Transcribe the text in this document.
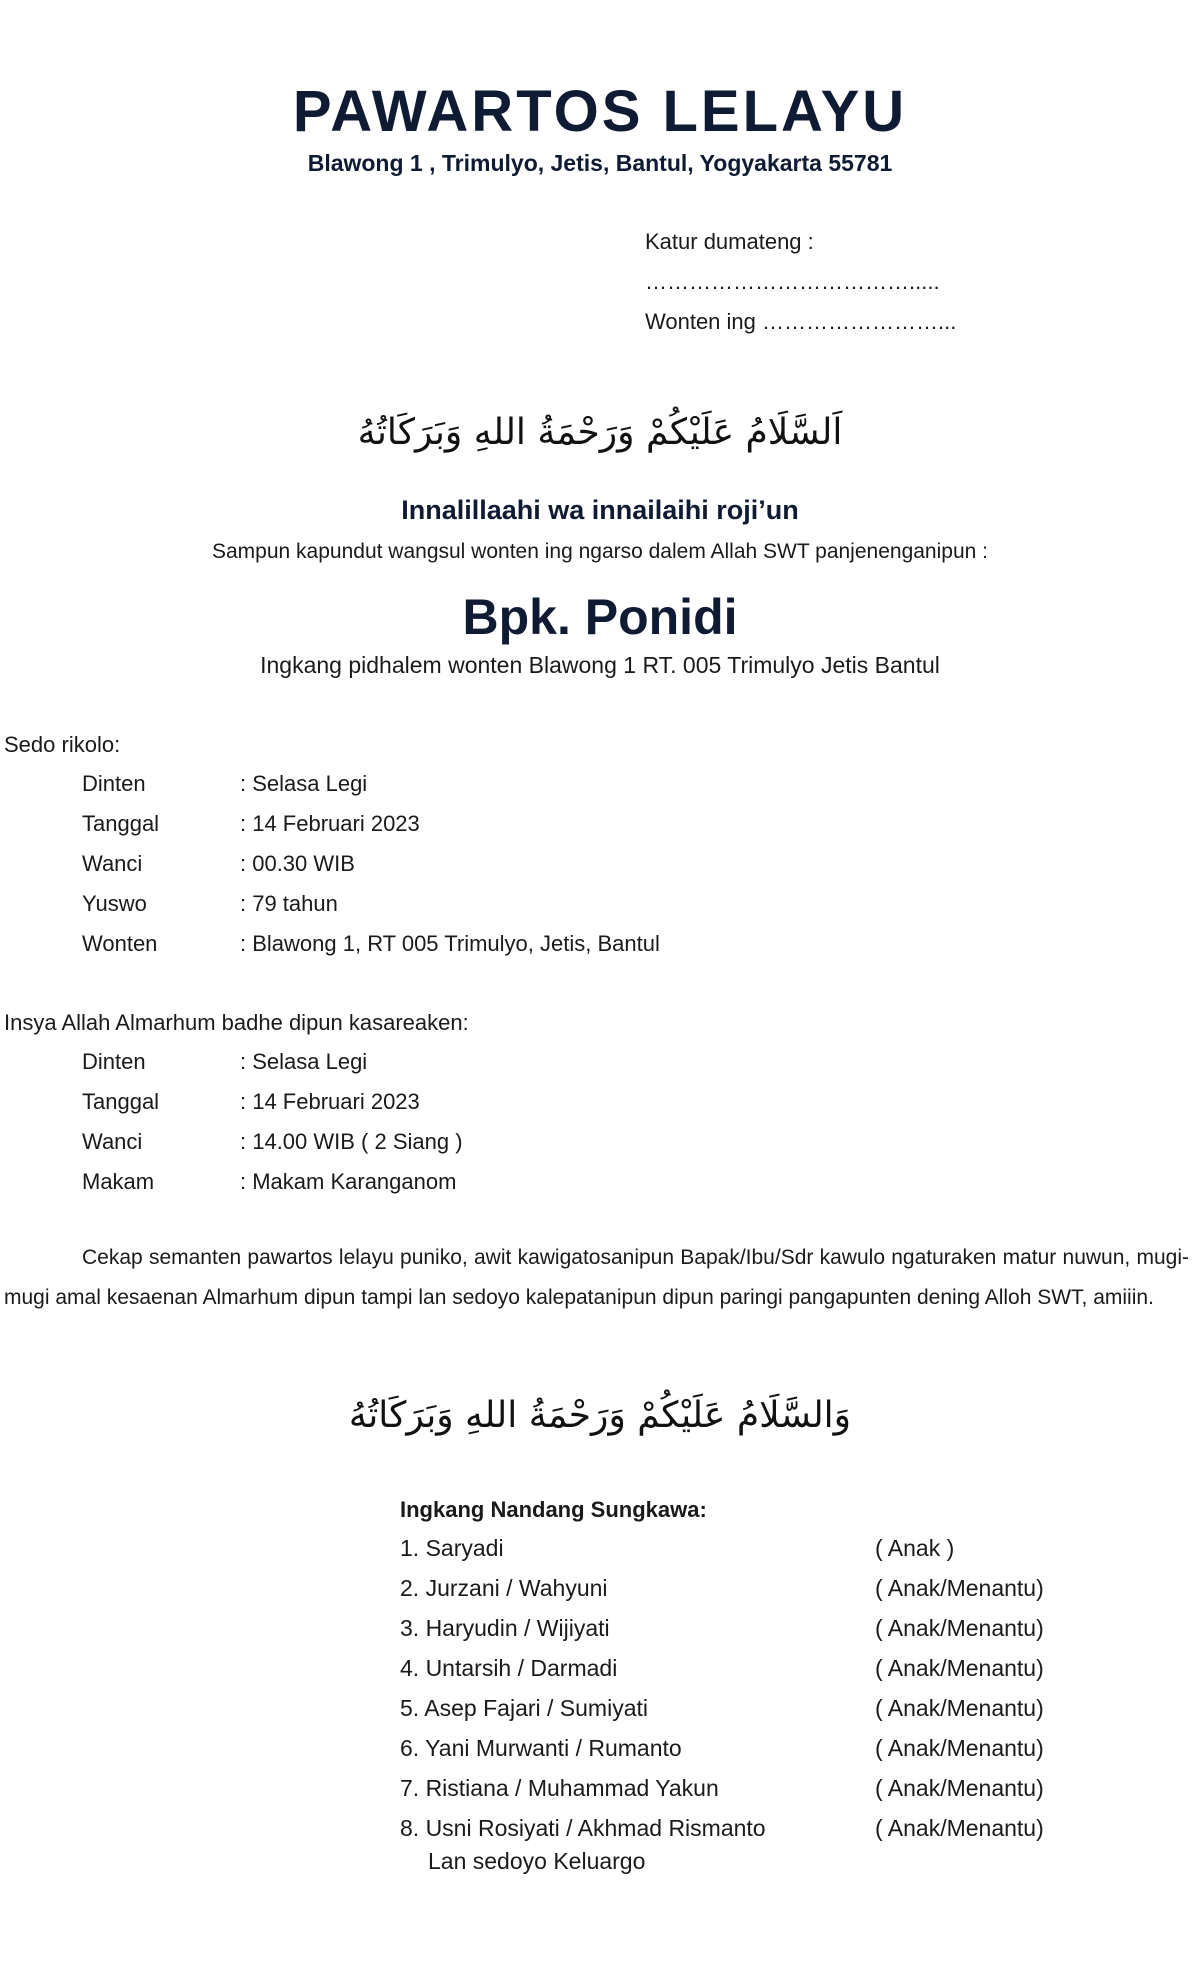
PAWARTOS LELAYU
Blawong 1 , Trimulyo, Jetis, Bantul, Yogyakarta 55781
Katur dumateng :
……………………………….....
Wonten ing ……………………...
اَلسَّلَامُ عَلَيْكُمْ وَرَحْمَةُ اللهِ وَبَرَكَاتُهُ
Innalillaahi wa innailaihi roji’un
Sampun kapundut wangsul wonten ing ngarso dalem Allah SWT panjenenganipun :
Bpk. Ponidi
Ingkang pidhalem wonten Blawong 1 RT. 005 Trimulyo Jetis Bantul
Sedo rikolo:
Dinten	: Selasa Legi
Tanggal	: 14 Februari 2023
Wanci	: 00.30 WIB
Yuswo	: 79 tahun
Wonten	: Blawong 1, RT 005 Trimulyo, Jetis, Bantul
Insya Allah Almarhum badhe dipun kasareaken:
Dinten	: Selasa Legi
Tanggal	: 14 Februari 2023
Wanci	: 14.00 WIB ( 2 Siang )
Makam	: Makam Karanganom
Cekap semanten pawartos lelayu puniko, awit kawigatosanipun Bapak/Ibu/Sdr kawulo ngaturaken matur nuwun, mugi-mugi amal kesaenan Almarhum dipun tampi lan sedoyo kalepatanipun dipun paringi pangapunten dening Alloh SWT, amiiin.
وَالسَّلَامُ عَلَيْكُمْ وَرَحْمَةُ اللهِ وَبَرَكَاتُهُ
Ingkang Nandang Sungkawa:
1. Saryadi	( Anak )
2. Jurzani / Wahyuni	( Anak/Menantu)
3. Haryudin / Wijiyati	( Anak/Menantu)
4. Untarsih / Darmadi	( Anak/Menantu)
5. Asep Fajari / Sumiyati	( Anak/Menantu)
6. Yani Murwanti / Rumanto	( Anak/Menantu)
7. Ristiana / Muhammad Yakun	( Anak/Menantu)
8. Usni Rosiyati / Akhmad Rismanto	( Anak/Menantu)
Lan sedoyo Keluargo
